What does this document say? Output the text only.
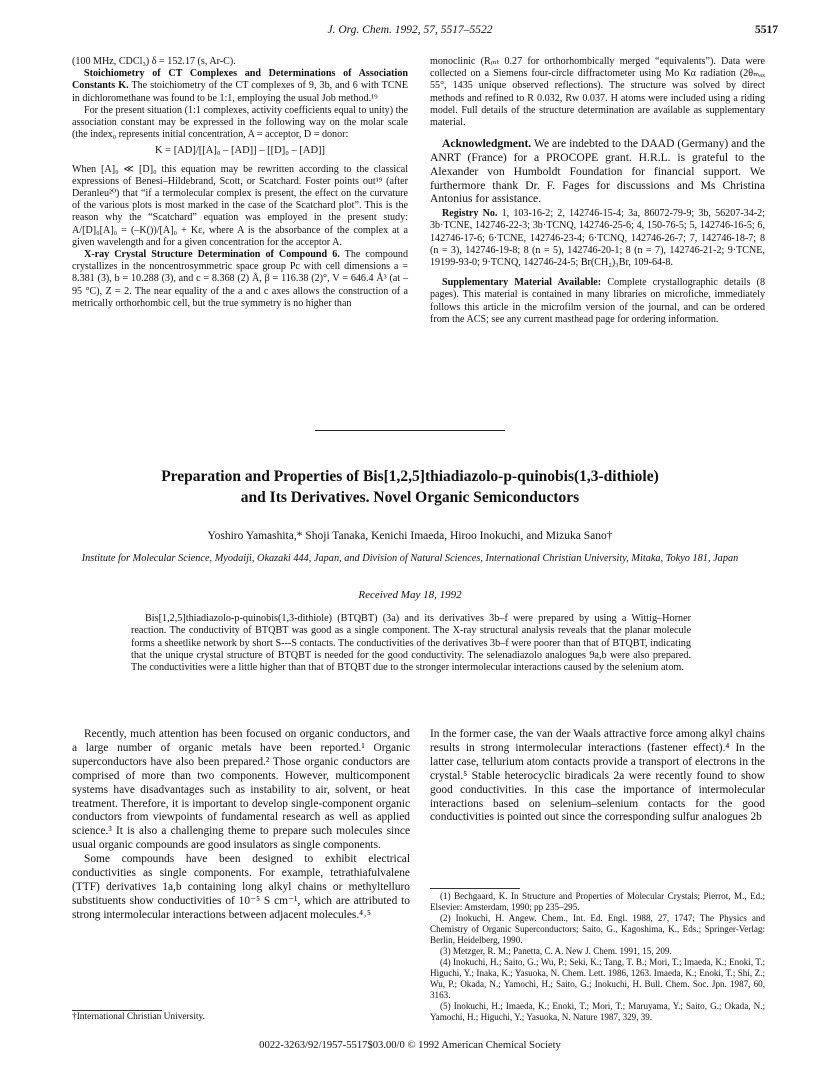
J. Org. Chem. 1992, 57, 5517–5522	5517

(100 MHz, CDCl₃) δ = 152.17 (s, Ar-C).

Stoichiometry of CT Complexes and Determinations of Association Constants K. The stoichiometry of the CT complexes of 9, 3b, and 6 with TCNE in dichloromethane was found to be 1:1, employing the usual Job method.¹⁹

For the present situation (1:1 complexes, activity coefficients equal to unity) the association constant may be expressed in the following way on the molar scale (the index₀ represents initial concentration, A = acceptor, D = donor:

K = [AD]/[[A]₀ – [AD]] – [[D]₀ – [AD]]

When [A]₀ ≪ [D]₀ this equation may be rewritten according to the classical expressions of Benesi–Hildebrand, Scott, or Scatchard. Foster points out¹⁹ (after Deranleu²⁰) that “if a termolecular complex is present, the effect on the curvature of the various plots is most marked in the case of the Scatchard plot”. This is the reason why the “Scatchard” equation was employed in the present study: A/[D]₀[A]₀ = (–K())/[A]₀ + Kε, where A is the absorbance of the complex at a given wavelength and for a given concentration for the acceptor A.

X-ray Crystal Structure Determination of Compound 6. The compound crystallizes in the noncentrosymmetric space group Pc with cell dimensions a = 8.381 (3), b = 10.288 (3), and c = 8.368 (2) Å, β = 116.38 (2)°, V = 646.4 Å³ (at –95 °C), Z = 2. The near equality of the a and c axes allows the construction of a metrically orthorhombic cell, but the true symmetry is no higher than

monoclinic (Rᵢₙₜ 0.27 for orthorhombically merged “equivalents”). Data were collected on a Siemens four-circle diffractometer using Mo Kα radiation (2θₘₐₓ 55°, 1435 unique observed reflections). The structure was solved by direct methods and refined to R 0.032, Rw 0.037. H atoms were included using a riding model. Full details of the structure determination are available as supplementary material.

Acknowledgment. We are indebted to the DAAD (Germany) and the ANRT (France) for a PROCOPE grant. H.R.L. is grateful to the Alexander von Humboldt Foundation for financial support. We furthermore thank Dr. F. Fages for discussions and Ms Christina Antonius for assistance.

Registry No. 1, 103-16-2; 2, 142746-15-4; 3a, 86072-79-9; 3b, 56207-34-2; 3b·TCNE, 142746-22-3; 3b·TCNQ, 142746-25-6; 4, 150-76-5; 5, 142746-16-5; 6, 142746-17-6; 6·TCNE, 142746-23-4; 6·TCNQ, 142746-26-7; 7, 142746-18-7; 8 (n = 3), 142746-19-8; 8 (n = 5), 142746-20-1; 8 (n = 7), 142746-21-2; 9·TCNE, 19199-93-0; 9·TCNQ, 142746-24-5; Br(CH₂)₃Br, 109-64-8.

Supplementary Material Available: Complete crystallographic details (8 pages). This material is contained in many libraries on microfiche, immediately follows this article in the microfilm version of the journal, and can be ordered from the ACS; see any current masthead page for ordering information.

Preparation and Properties of Bis[1,2,5]thiadiazolo-p-quinobis(1,3-dithiole)
and Its Derivatives. Novel Organic Semiconductors
Yoshiro Yamashita,* Shoji Tanaka, Kenichi Imaeda, Hiroo Inokuchi, and Mizuka Sano†
Institute for Molecular Science, Myodaiji, Okazaki 444, Japan, and Division of Natural Sciences, International Christian University, Mitaka, Tokyo 181, Japan
Received May 18, 1992
Bis[1,2,5]thiadiazolo-p-quinobis(1,3-dithiole) (BTQBT) (3a) and its derivatives 3b–f were prepared by using a Wittig–Horner reaction. The conductivity of BTQBT was good as a single component. The X-ray structural analysis reveals that the planar molecule forms a sheetlike network by short S---S contacts. The conductivities of the derivatives 3b–f were poorer than that of BTQBT, indicating that the unique crystal structure of BTQBT is needed for the good conductivity. The selenadiazolo analogues 9a,b were also prepared. The conductivities were a little higher than that of BTQBT due to the stronger intermolecular interactions caused by the selenium atom.

Recently, much attention has been focused on organic conductors, and a large number of organic metals have been reported.¹ Organic superconductors have also been prepared.² Those organic conductors are comprised of more than two components. However, multicomponent systems have disadvantages such as instability to air, solvent, or heat treatment. Therefore, it is important to develop single-component organic conductors from viewpoints of fundamental research as well as applied science.³ It is also a challenging theme to prepare such molecules since usual organic compounds are good insulators as single components.

Some compounds have been designed to exhibit electrical conductivities as single components. For example, tetrathiafulvalene (TTF) derivatives 1a,b containing long alkyl chains or methyltelluro substituents show conductivities of 10⁻⁵ S cm⁻¹, which are attributed to strong intermolecular interactions between adjacent molecules.⁴˒⁵

In the former case, the van der Waals attractive force among alkyl chains results in strong intermolecular interactions (fastener effect).⁴ In the latter case, tellurium atom contacts provide a transport of electrons in the crystal.⁵ Stable heterocyclic biradicals 2a were recently found to show good conductivities. In this case the importance of intermolecular interactions based on selenium–selenium contacts for the good conductivities is pointed out since the corresponding sulfur analogues 2b

(1) Bechgaard, K. In Structure and Properties of Molecular Crystals; Pierrot, M., Ed.; Elsevier: Amsterdam, 1990; pp 235–295.

(2) Inokuchi, H. Angew. Chem., Int. Ed. Engl. 1988, 27, 1747; The Physics and Chemistry of Organic Superconductors; Saito, G., Kagoshima, K., Eds.; Springer-Verlag: Berlin, Heidelberg, 1990.

(3) Metzger, R. M.; Panetta, C. A. New J. Chem. 1991, 15, 209.

(4) Inokuchi, H.; Saito, G.; Wu, P.; Seki, K.; Tang, T. B.; Mori, T.; Imaeda, K.; Enoki, T.; Higuchi, Y.; Inaka, K.; Yasuoka, N. Chem. Lett. 1986, 1263. Imaeda, K.; Enoki, T.; Shi, Z.; Wu, P.; Okada, N.; Yamochi, H.; Saito, G.; Inokuchi, H. Bull. Chem. Soc. Jpn. 1987, 60, 3163.

(5) Inokuchi, H.; Imaeda, K.; Enoki, T.; Mori, T.; Maruyama, Y.; Saito, G.; Okada, N.; Yamochi, H.; Higuchi, Y.; Yasuoka, N. Nature 1987, 329, 39.

†International Christian University.
0022-3263/92/1957-5517$03.00/0 © 1992 American Chemical Society
